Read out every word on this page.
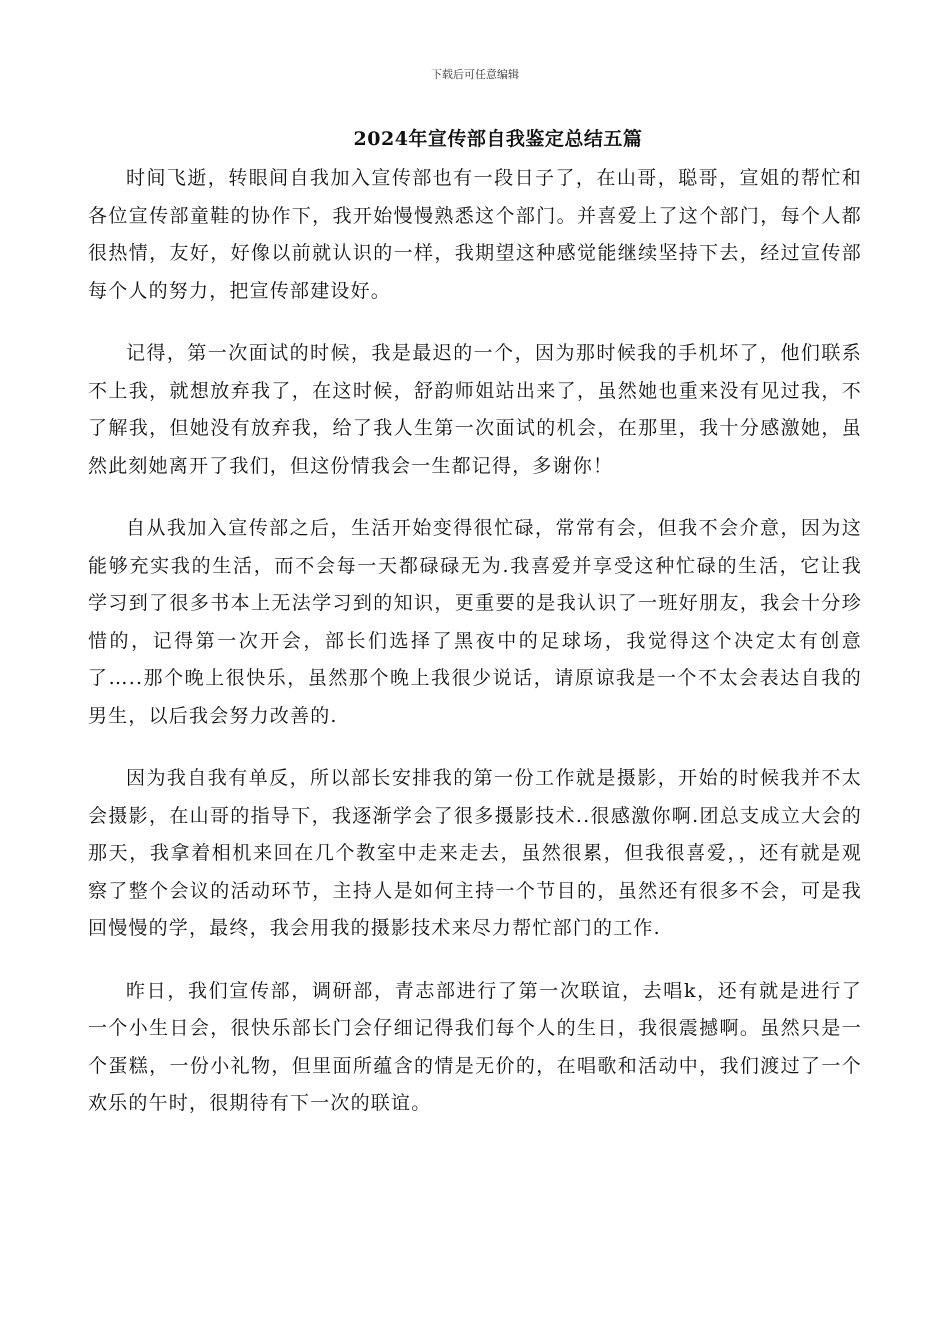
下载后可任意编辑
2024年宣传部自我鉴定总结五篇

时间飞逝，转眼间自我加入宣传部也有一段日子了，在山哥，聪哥，宣姐的帮忙和各位宣传部童鞋的协作下，我开始慢慢熟悉这个部门。并喜爱上了这个部门，每个人都很热情，友好，好像以前就认识的一样，我期望这种感觉能继续坚持下去，经过宣传部每个人的努力，把宣传部建设好。

记得，第一次面试的时候，我是最迟的一个，因为那时候我的手机坏了，他们联系不上我，就想放弃我了，在这时候，舒韵师姐站出来了，虽然她也重来没有见过我，不了解我，但她没有放弃我，给了我人生第一次面试的机会，在那里，我十分感激她，虽然此刻她离开了我们，但这份情我会一生都记得，多谢你！

自从我加入宣传部之后，生活开始变得很忙碌，常常有会，但我不会介意，因为这能够充实我的生活，而不会每一天都碌碌无为.我喜爱并享受这种忙碌的生活，它让我学习到了很多书本上无法学习到的知识，更重要的是我认识了一班好朋友，我会十分珍惜的，记得第一次开会，部长们选择了黑夜中的足球场，我觉得这个决定太有创意了…..那个晚上很快乐，虽然那个晚上我很少说话，请原谅我是一个不太会表达自我的男生，以后我会努力改善的.

因为我自我有单反，所以部长安排我的第一份工作就是摄影，开始的时候我并不太会摄影，在山哥的指导下，我逐渐学会了很多摄影技术..很感激你啊.团总支成立大会的那天，我拿着相机来回在几个教室中走来走去，虽然很累，但我很喜爱，，还有就是观察了整个会议的活动环节，主持人是如何主持一个节目的，虽然还有很多不会，可是我回慢慢的学，最终，我会用我的摄影技术来尽力帮忙部门的工作.

昨日，我们宣传部，调研部，青志部进行了第一次联谊，去唱k，还有就是进行了一个小生日会，很快乐部长门会仔细记得我们每个人的生日，我很震撼啊。虽然只是一个蛋糕，一份小礼物，但里面所蕴含的情是无价的，在唱歌和活动中，我们渡过了一个欢乐的午时，很期待有下一次的联谊。
